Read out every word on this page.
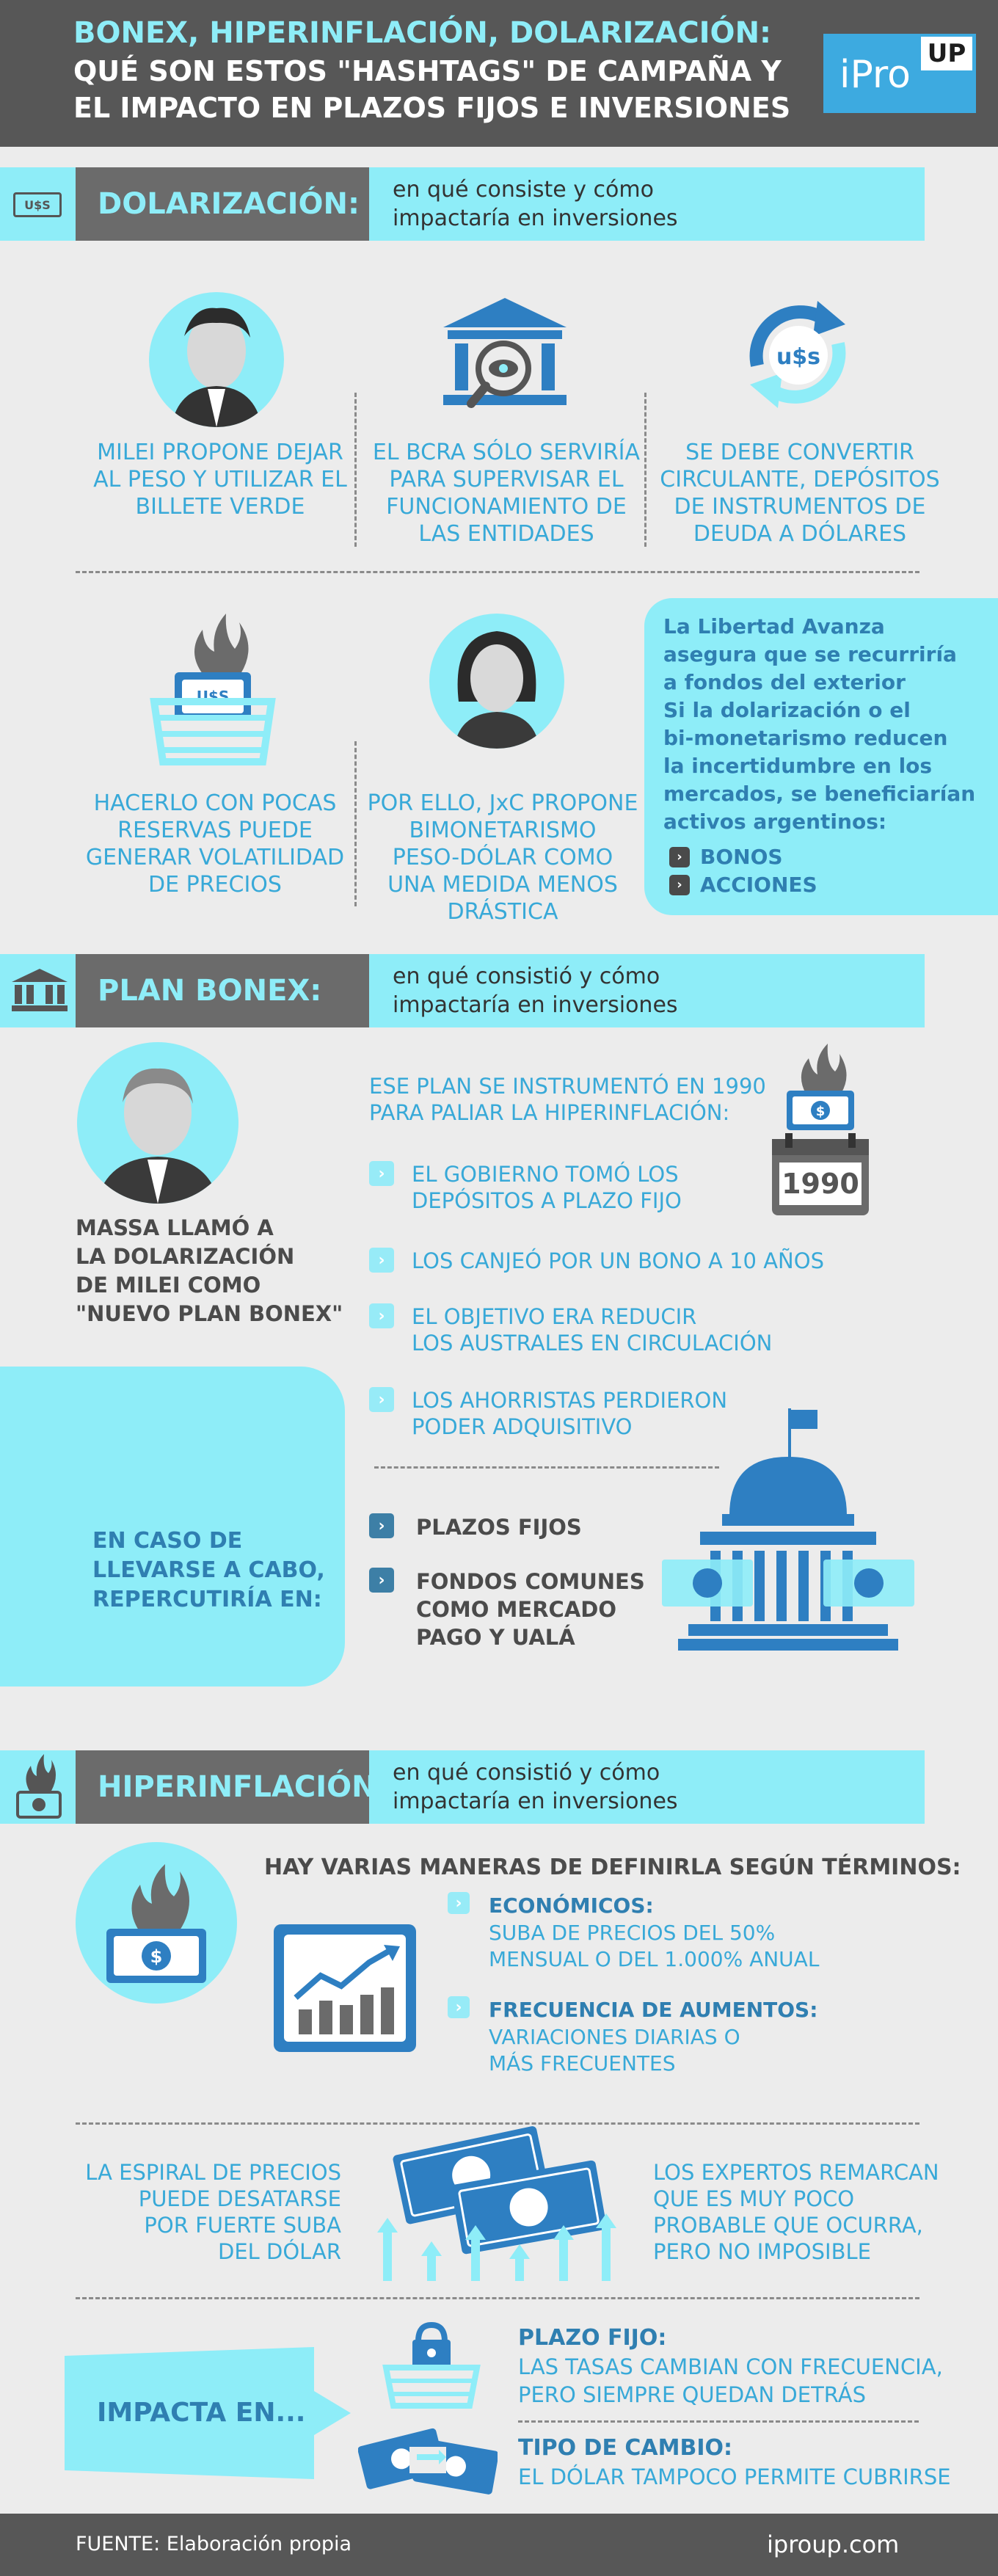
BONEX, HIPERINFLACIÓN, DOLARIZACIÓN:
QUÉ SON ESTOS "HASHTAGS" DE CAMPAÑA Y
EL IMPACTO EN PLAZOS FIJOS E INVERSIONES
iPro UP
U$S DOLARIZACIÓN: en qué consiste y cómo
impactaría en inversiones
u$s
MILEI PROPONE DEJAR
AL PESO Y UTILIZAR EL
BILLETE VERDE
EL BCRA SÓLO SERVIRÍA
PARA SUPERVISAR EL
FUNCIONAMIENTO DE
LAS ENTIDADES
SE DEBE CONVERTIR
CIRCULANTE, DEPÓSITOS
DE INSTRUMENTOS DE
DEUDA A DÓLARES
U$S
HACERLO CON POCAS
RESERVAS PUEDE
GENERAR VOLATILIDAD
DE PRECIOS
POR ELLO, JxC PROPONE
BIMONETARISMO
PESO-DÓLAR COMO
UNA MEDIDA MENOS
DRÁSTICA
La Libertad Avanza
asegura que se recurriría
a fondos del exterior
Si la dolarización o el
bi-monetarismo reducen
la incertidumbre en los
mercados, se beneficiarían
activos argentinos:
› BONOS
› ACCIONES
PLAN BONEX:	en qué consistió y cómo
impactaría en inversiones
MASSA LLAMÓ A
LA DOLARIZACIÓN
DE MILEI COMO
"NUEVO PLAN BONEX"
ESE PLAN SE INSTRUMENTÓ EN 1990
PARA PALIAR LA HIPERINFLACIÓN:	$
1990
›	EL GOBIERNO TOMÓ LOS
DEPÓSITOS A PLAZO FIJO
›	LOS CANJEÓ POR UN BONO A 10 AÑOS
›	EL OBJETIVO ERA REDUCIR
LOS AUSTRALES EN CIRCULACIÓN
›	LOS AHORRISTAS PERDIERON
PODER ADQUISITIVO
EN CASO DE
LLEVARSE A CABO,
REPERCUTIRÍA EN:
›	PLAZOS FIJOS
›	FONDOS COMUNES
COMO MERCADO
PAGO Y UALÁ
HIPERINFLACIÓN: en qué consistió y cómo
impactaría en inversiones
HAY VARIAS MANERAS DE DEFINIRLA SEGÚN TÉRMINOS:
$
›	ECONÓMICOS:
SUBA DE PRECIOS DEL 50%
MENSUAL O DEL 1.000% ANUAL
›	FRECUENCIA DE AUMENTOS:
VARIACIONES DIARIAS O
MÁS FRECUENTES
LA ESPIRAL DE PRECIOS
PUEDE DESATARSE
POR FUERTE SUBA
DEL DÓLAR
LOS EXPERTOS REMARCAN
QUE ES MUY POCO
PROBABLE QUE OCURRA,
PERO NO IMPOSIBLE
IMPACTA EN...
PLAZO FIJO:
LAS TASAS CAMBIAN CON FRECUENCIA,
PERO SIEMPRE QUEDAN DETRÁS
TIPO DE CAMBIO:
EL DÓLAR TAMPOCO PERMITE CUBRIRSE
FUENTE: Elaboración propia	iproup.com
